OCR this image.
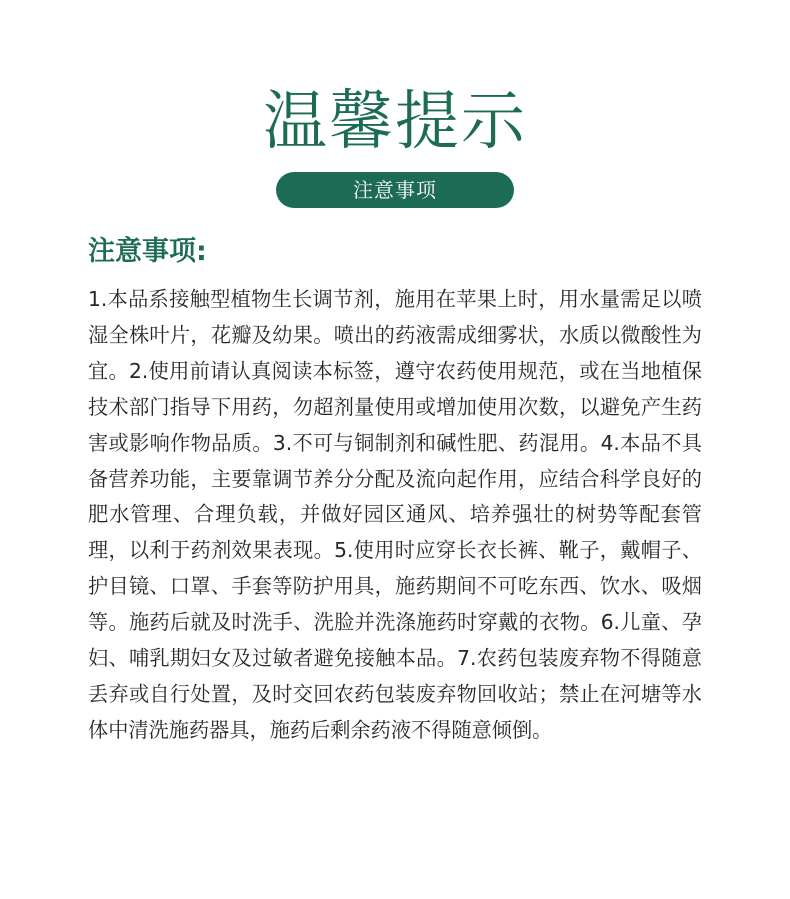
温馨提示
注意事项
注意事项:

1.本品系接触型植物生长调节剂，施用在苹果上时，用水量需足以喷湿全株叶片，花瓣及幼果。喷出的药液需成细雾状，水质以微酸性为宜。2.使用前请认真阅读本标签，遵守农药使用规范，或在当地植保技术部门指导下用药，勿超剂量使用或增加使用次数，以避免产生药害或影响作物品质。3.不可与铜制剂和碱性肥、药混用。4.本品不具备营养功能，主要靠调节养分分配及流向起作用，应结合科学良好的肥水管理、合理负载，并做好园区通风、培养强壮的树势等配套管理，以利于药剂效果表现。5.使用时应穿长衣长裤、靴子，戴帽子、护目镜、口罩、手套等防护用具，施药期间不可吃东西、饮水、吸烟等。施药后就及时洗手、洗脸并洗涤施药时穿戴的衣物。6.儿童、孕妇、哺乳期妇女及过敏者避免接触本品。7.农药包装废弃物不得随意丢弃或自行处置，及时交回农药包装废弃物回收站；禁止在河塘等水体中清洗施药器具，施药后剩余药液不得随意倾倒。
